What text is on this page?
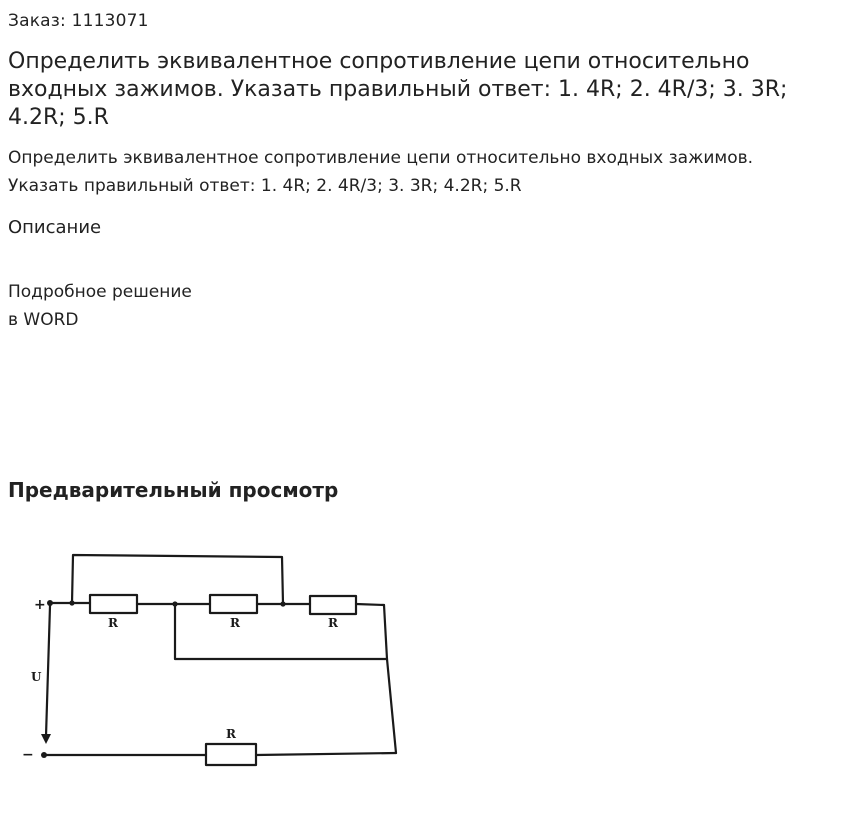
Заказ: 1113071
Определить эквивалентное сопротивление цепи относительно входных зажимов. Указать правильный ответ: 1. 4R; 2. 4R/3; 3. 3R; 4.2R; 5.R

Определить эквивалентное сопротивление цепи относительно входных зажимов. Указать правильный ответ: 1. 4R; 2. 4R/3; 3. 3R; 4.2R; 5.R

Описание
Подробное решение
в WORD
Предварительный просмотр
+
−
U
R	R	R
R
